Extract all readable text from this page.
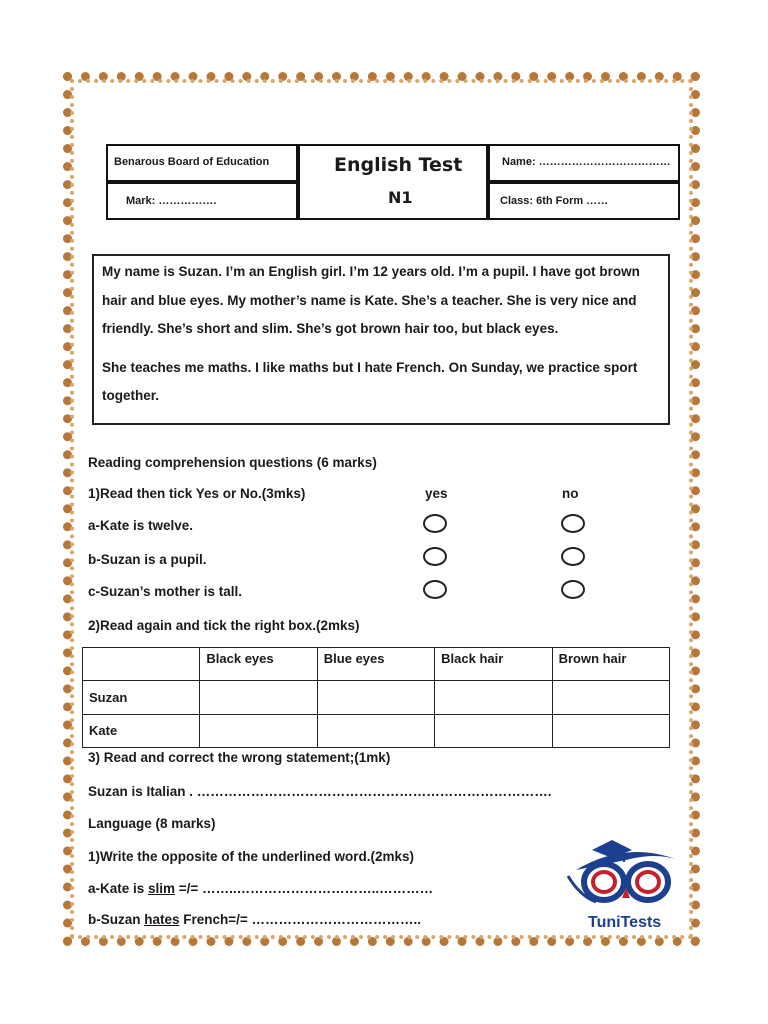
Benarous Board of Education
Mark: …………….
English Test
N1
Name: ………………………………
Class: 6th Form ……

My name is Suzan. I’m an English girl. I’m 12 years old. I’m a pupil. I have got brown hair and blue eyes. My mother’s name is Kate. She’s a teacher. She is very nice and friendly. She’s short and slim. She’s got brown hair too, but black eyes.

She teaches me maths. I like maths but I hate French. On Sunday, we practice sport together.

Reading comprehension questions (6 marks)
1)Read then tick Yes or No.(3mks)	yes	no
a-Kate is twelve.
b-Suzan is a pupil.
c-Suzan’s mother is tall.
2)Read again and tick the right box.(2mks)
	Black eyes	Blue eyes	Black hair	Brown hair
Suzan				
Kate				
3) Read and correct the wrong statement;(1mk)
Suzan is Italian . …………………………………………………………………….
Language (8 marks)
1)Write the opposite of the underlined word.(2mks)
a-Kate is slim =/= ……..…………………………..…………
b-Suzan hates French=/= ………………………………..	TuniTests
